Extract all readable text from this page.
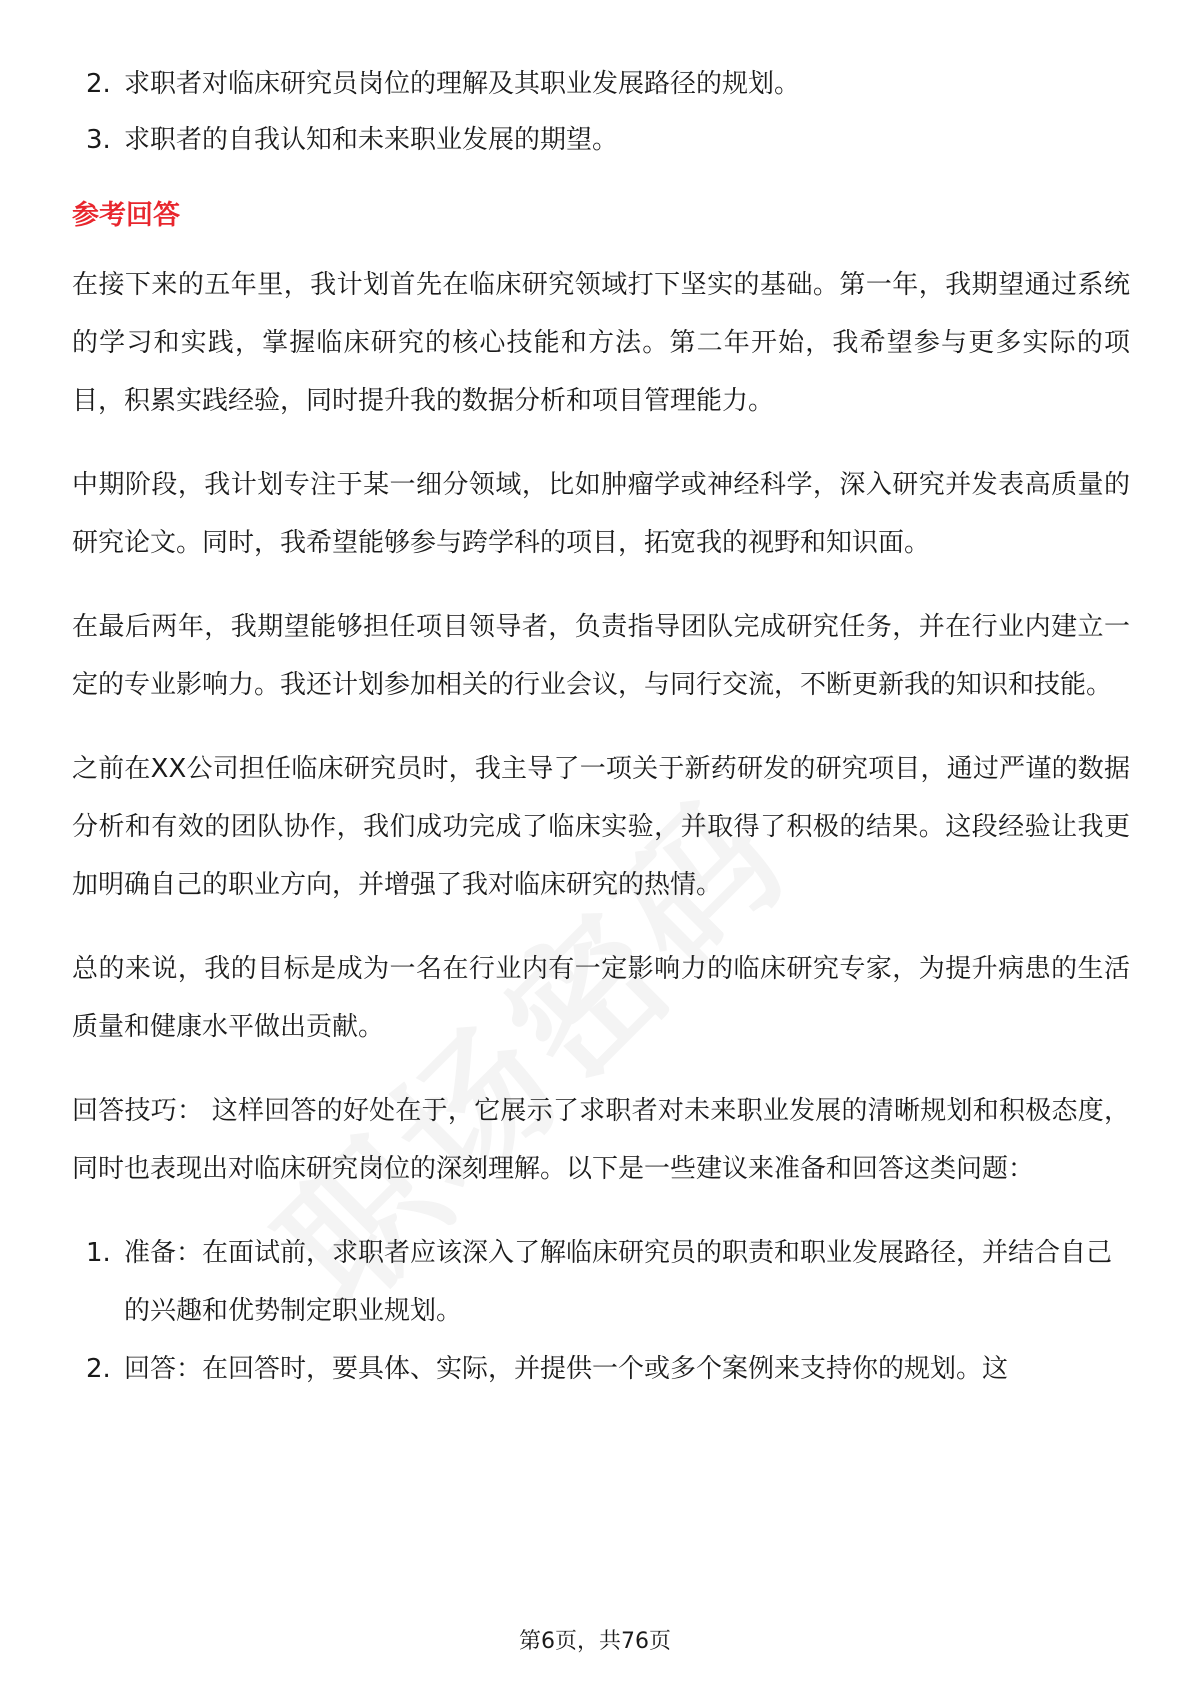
2. 求职者对临床研究员岗位的理解及其职业发展路径的规划。
3. 求职者的自我认知和未来职业发展的期望。
参考回答

在接下来的五年里，我计划首先在临床研究领域打下坚实的基础。第一年，我期望通过系统的学习和实践，掌握临床研究的核心技能和方法。第二年开始，我希望参与更多实际的项目，积累实践经验，同时提升我的数据分析和项目管理能力。

中期阶段，我计划专注于某一细分领域，比如肿瘤学或神经科学，深入研究并发表高质量的研究论文。同时，我希望能够参与跨学科的项目，拓宽我的视野和知识面。

在最后两年，我期望能够担任项目领导者，负责指导团队完成研究任务，并在行业内建立一定的专业影响力。我还计划参加相关的行业会议，与同行交流，不断更新我的知识和技能。

之前在XX公司担任临床研究员时，我主导了一项关于新药研发的研究项目，通过严谨的数据分析和有效的团队协作，我们成功完成了临床实验，并取得了积极的结果。这段经验让我更加明确自己的职业方向，并增强了我对临床研究的热情。

总的来说，我的目标是成为一名在行业内有一定影响力的临床研究专家，为提升病患的生活质量和健康水平做出贡献。

回答技巧： 这样回答的好处在于，它展示了求职者对未来职业发展的清晰规划和积极态度，同时也表现出对临床研究岗位的深刻理解。以下是一些建议来准备和回答这类问题：

1. 准备：在面试前，求职者应该深入了解临床研究员的职责和职业发展路径，并结合自己的兴趣和优势制定职业规划。
2. 回答：在回答时，要具体、实际，并提供一个或多个案例来支持你的规划。这
第6页，共76页
